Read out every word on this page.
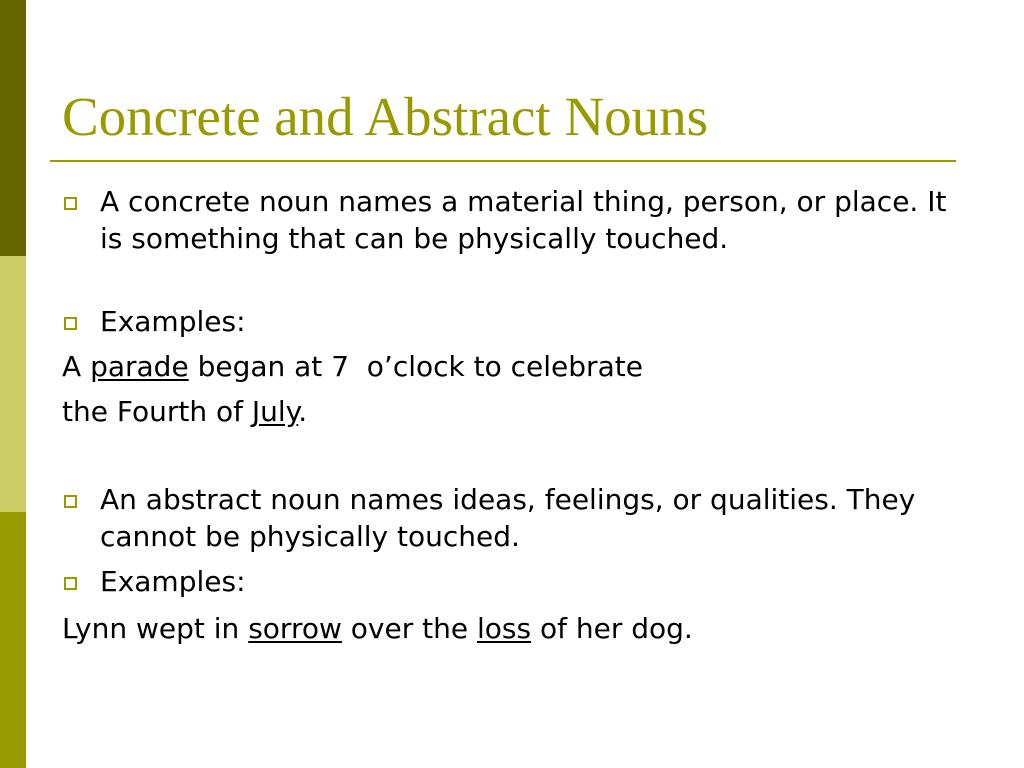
Concrete and Abstract Nouns
A concrete noun names a material thing, person, or place. It is something that can be physically touched.
Examples:
A parade began at 7  o’clock to celebrate
the Fourth of July.
An abstract noun names ideas, feelings, or qualities. They cannot be physically touched.
Examples:
Lynn wept in sorrow over the loss of her dog.
